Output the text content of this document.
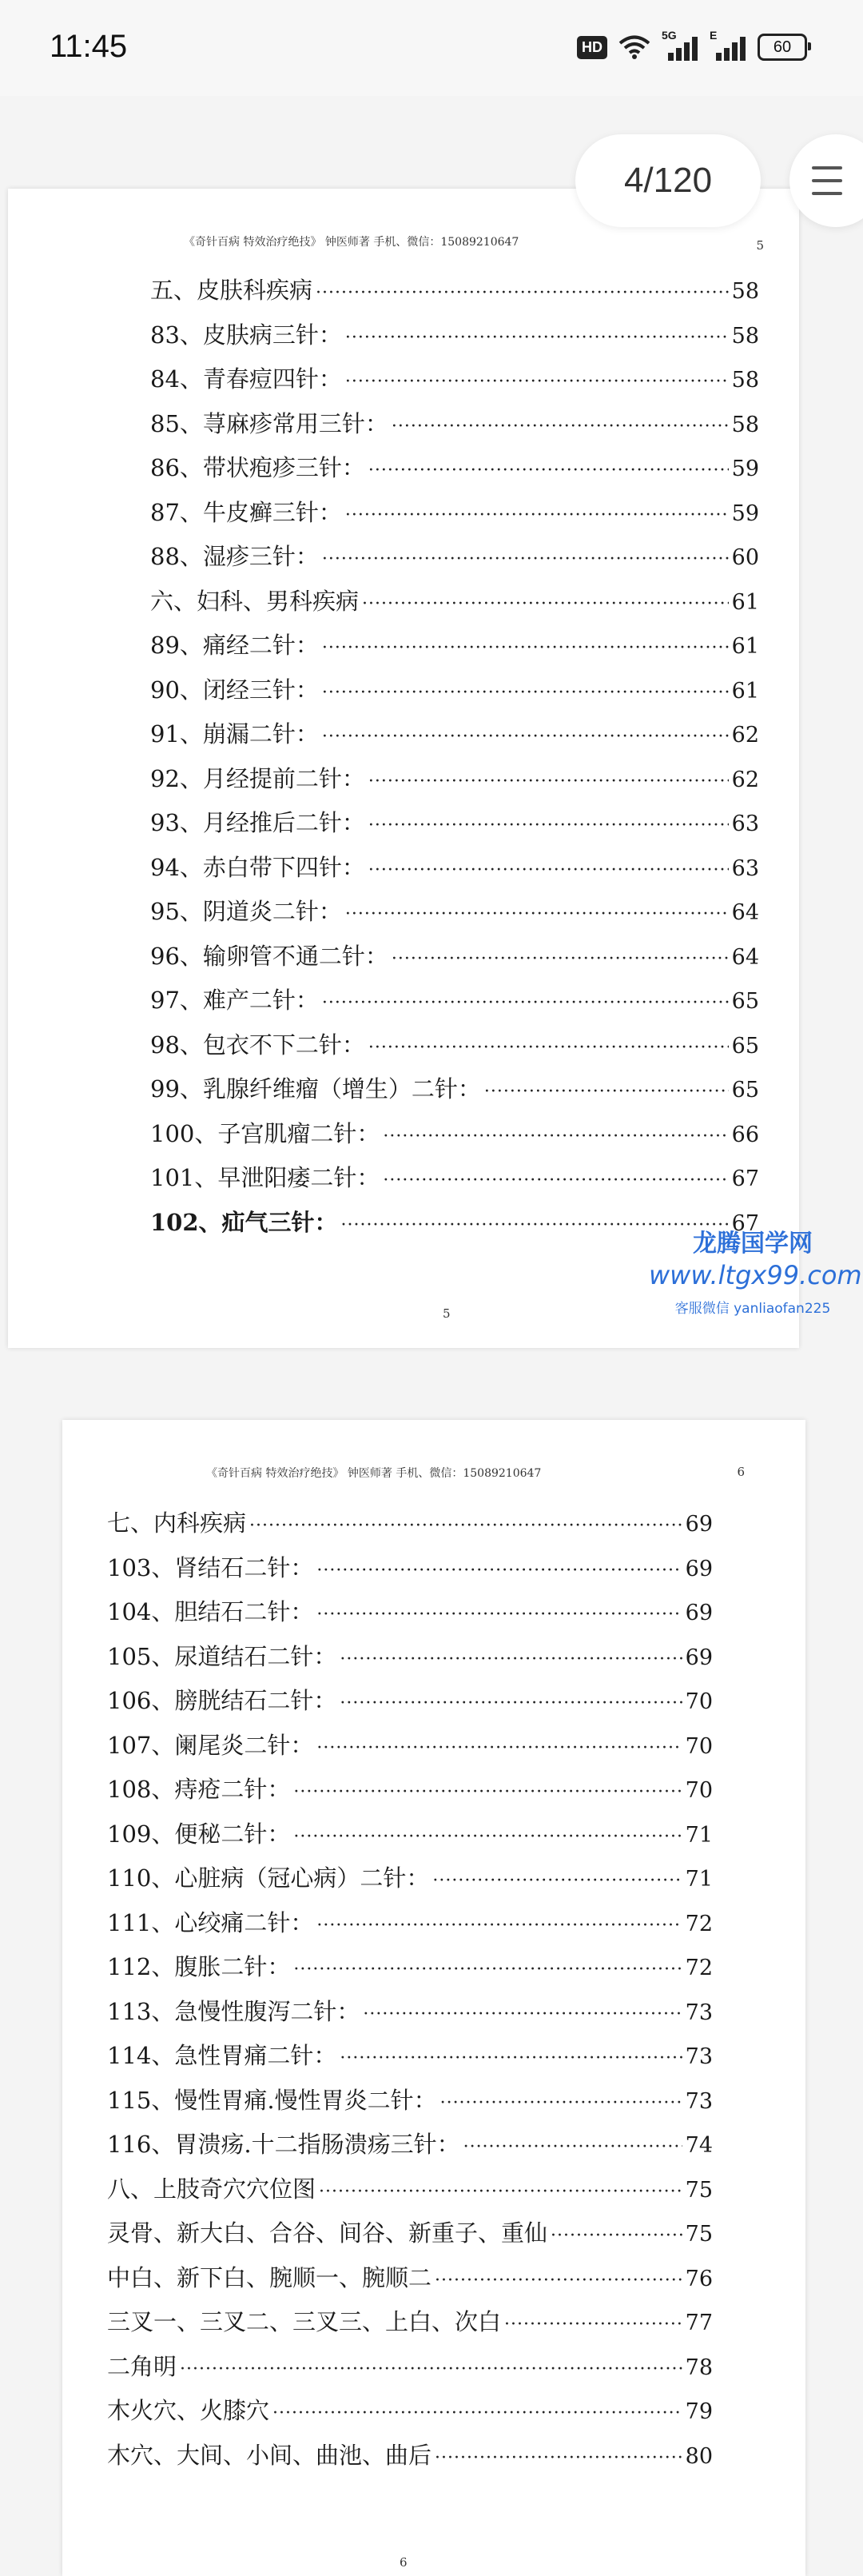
11:45	HD
5G	E
60
《奇针百病 特效治疗绝技》 钟医师著 手机、微信：15089210647	5
五、皮肤科疾病 ·····	58
83、皮肤病三针： ·····	58
84、青春痘四针： ·····	58
85、荨麻疹常用三针： ·····	58
86、带状疱疹三针： ·····	59
87、牛皮癣三针： ·····	59
88、湿疹三针： ·····	60
六、妇科、男科疾病 ·····	61
89、痛经二针： ·····	61
90、闭经三针： ·····	61
91、崩漏二针： ·····	62
92、月经提前二针： ·····	62
93、月经推后二针： ·····	63
94、赤白带下四针： ·····	63
95、阴道炎二针： ·····	64
96、输卵管不通二针： ·····	64
97、难产二针： ·····	65
98、包衣不下二针： ·····	65
99、乳腺纤维瘤（增生）二针： ·····	65
100、子宫肌瘤二针： ·····	66
101、早泄阳痿二针： ·····	67
102、疝气三针： ·····	67
5
《奇针百病 特效治疗绝技》 钟医师著 手机、微信：15089210647	6
七、内科疾病 ·····	69
103、肾结石二针： ·····	69
104、胆结石二针： ·····	69
105、尿道结石二针： ·····	69
106、膀胱结石二针： ·····	70
107、阑尾炎二针： ·····	70
108、痔疮二针： ·····	70
109、便秘二针： ·····	71
110、心脏病（冠心病）二针： ·····	71
111、心绞痛二针： ·····	72
112、腹胀二针： ·····	72
113、急慢性腹泻二针： ·····	73
114、急性胃痛二针： ·····	73
115、慢性胃痛.慢性胃炎二针： ·····	73
116、胃溃疡.十二指肠溃疡三针： ·····	74
八、上肢奇穴穴位图 ·····	75
灵骨、新大白、合谷、间谷、新重子、重仙 ·····	75
中白、新下白、腕顺一、腕顺二 ·····	76
三叉一、三叉二、三叉三、上白、次白 ·····	77
二角明 ·····	78
木火穴、火膝穴 ·····	79
木穴、大间、小间、曲池、曲后 ·····	80
6
龙腾国学网
www.ltgx99.com
客服微信 yanliaofan225
4/120
